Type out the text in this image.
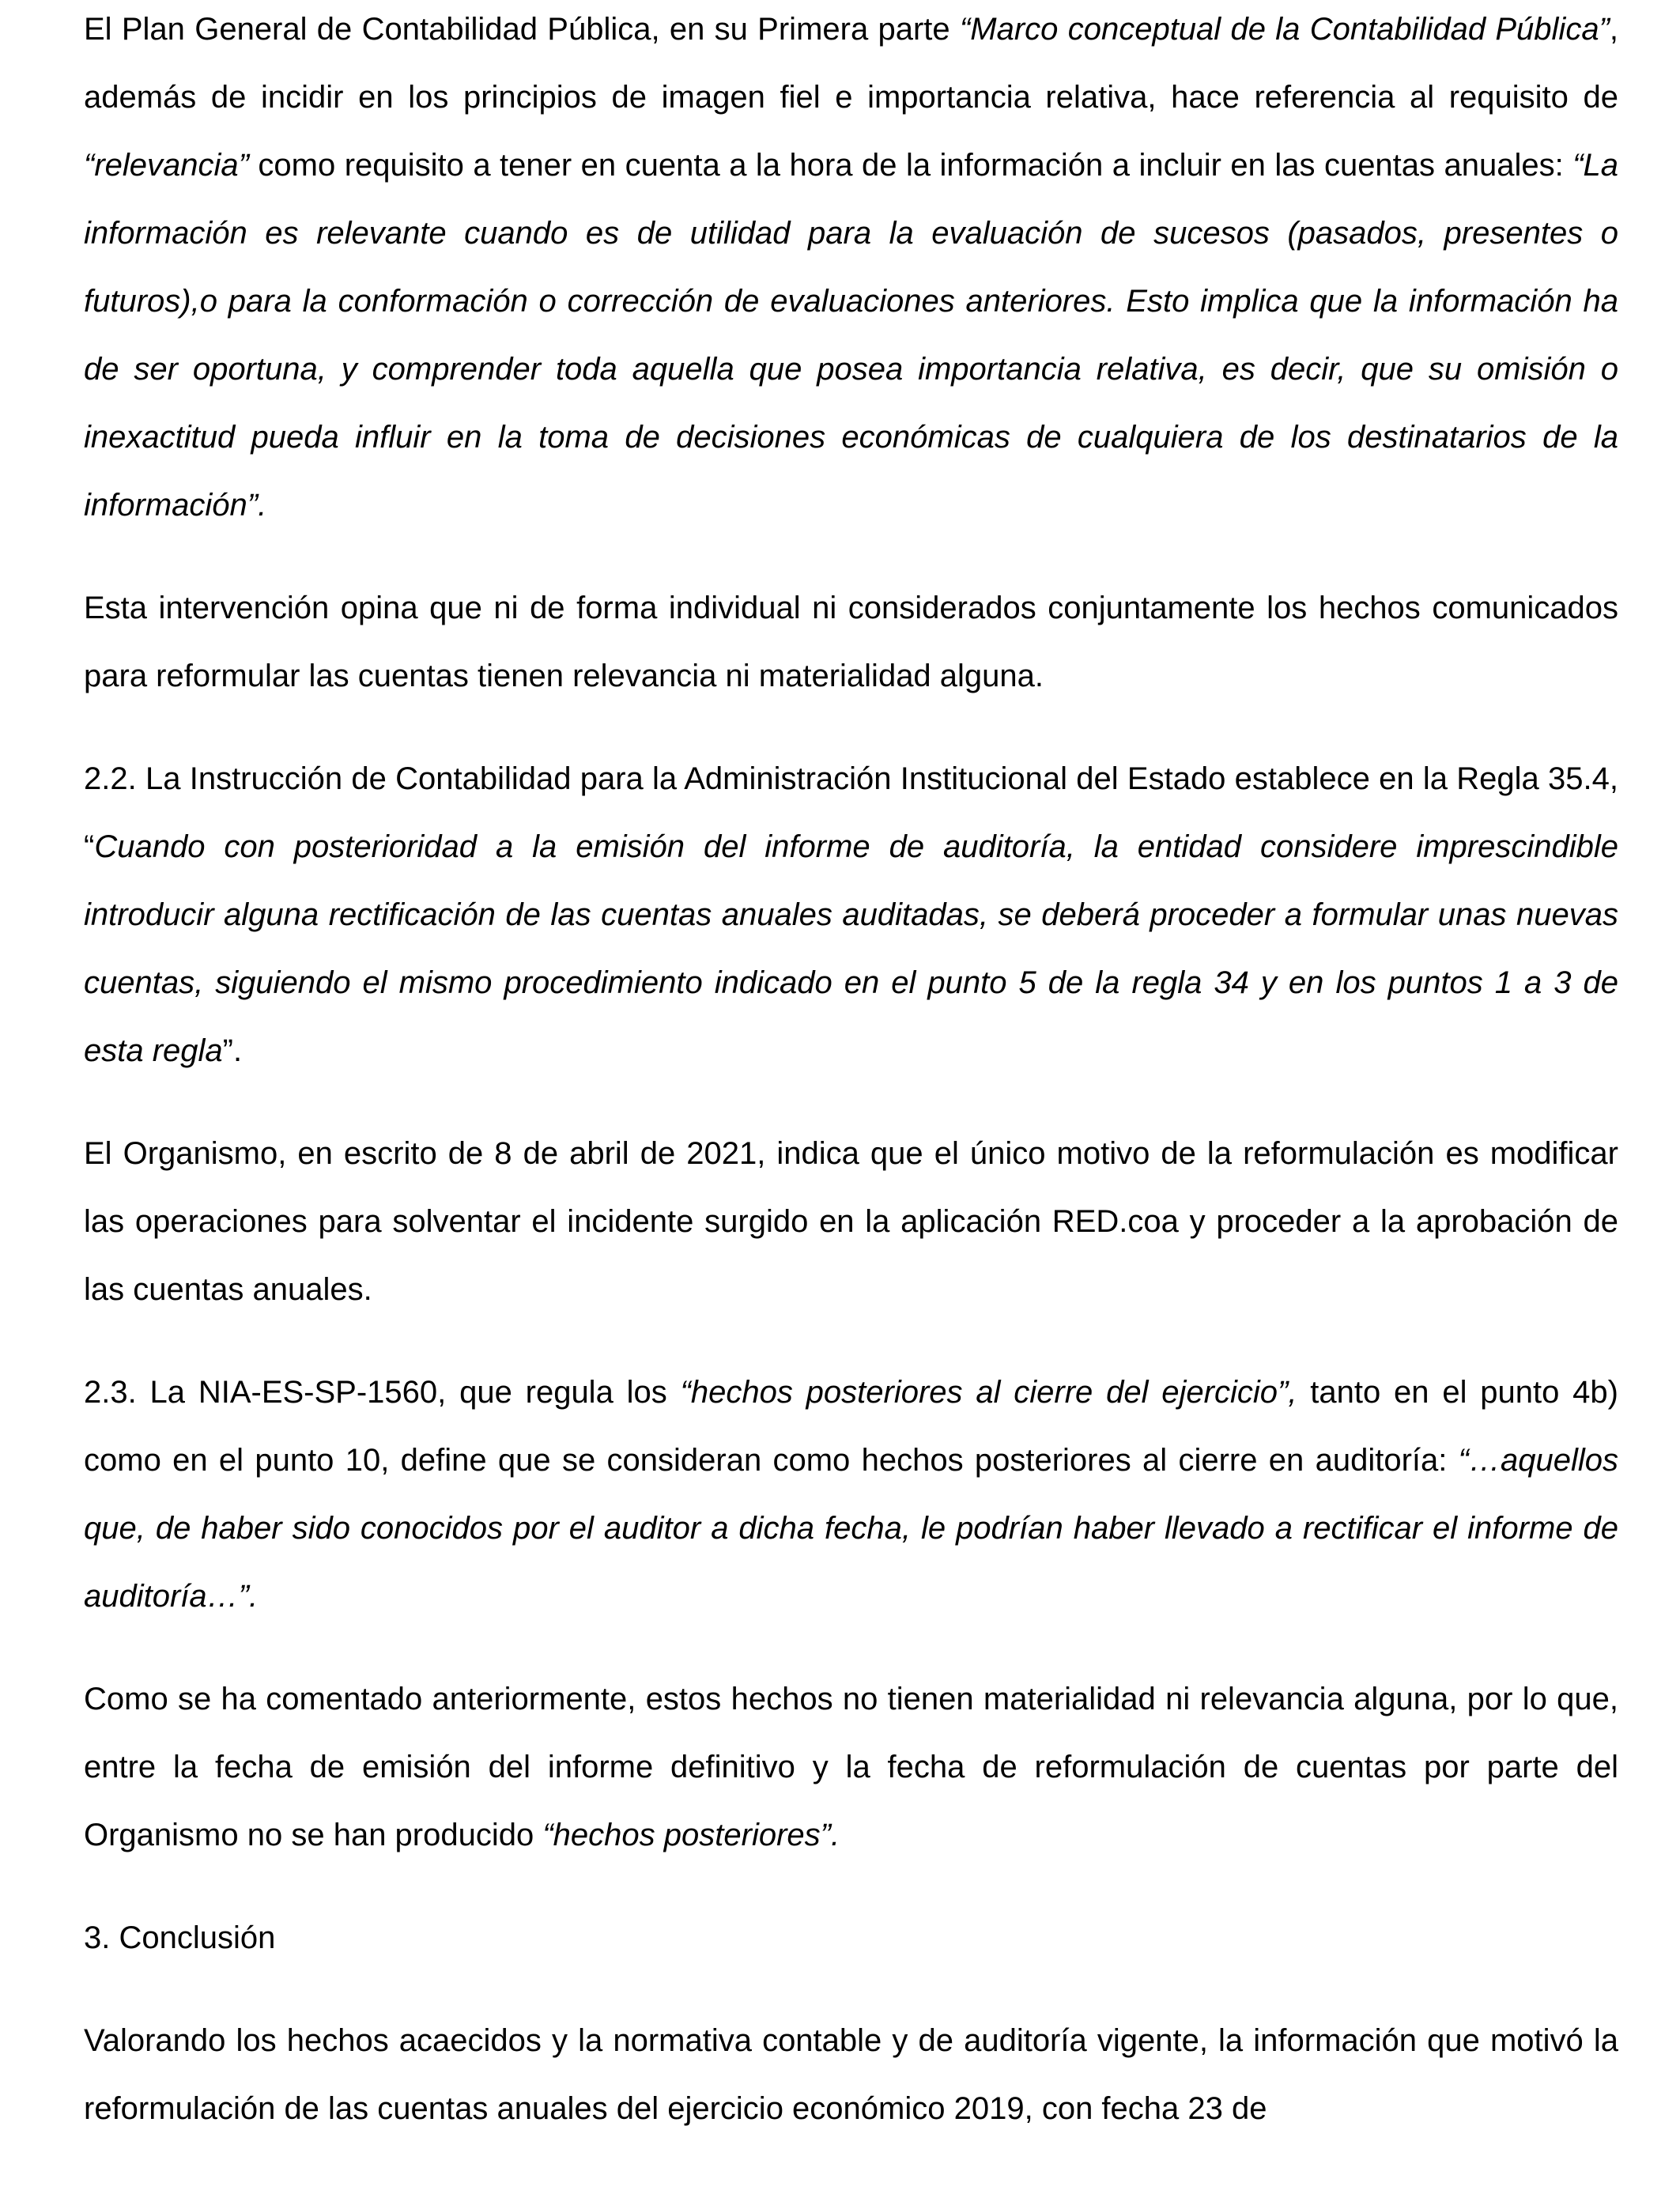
El Plan General de Contabilidad Pública, en su Primera parte “Marco conceptual de la Contabilidad Pública”, además de incidir en los principios de imagen fiel e importancia relativa, hace referencia al requisito de “relevancia” como requisito a tener en cuenta a la hora de la información a incluir en las cuentas anuales: “La información es relevante cuando es de utilidad para la evaluación de sucesos (pasados, presentes o futuros),o para la conformación o corrección de evaluaciones anteriores. Esto implica que la información ha de ser oportuna, y comprender toda aquella que posea importancia relativa, es decir, que su omisión o inexactitud pueda influir en la toma de decisiones económicas de cualquiera de los destinatarios de la información”.

Esta intervención opina que ni de forma individual ni considerados conjuntamente los hechos comunicados para reformular las cuentas tienen relevancia ni materialidad alguna.

2.2. La Instrucción de Contabilidad para la Administración Institucional del Estado establece en la Regla 35.4, “Cuando con posterioridad a la emisión del informe de auditoría, la entidad considere imprescindible introducir alguna rectificación de las cuentas anuales auditadas, se deberá proceder a formular unas nuevas cuentas, siguiendo el mismo procedimiento indicado en el punto 5 de la regla 34 y en los puntos 1 a 3 de esta regla”.

El Organismo, en escrito de 8 de abril de 2021, indica que el único motivo de la reformulación es modificar las operaciones para solventar el incidente surgido en la aplicación RED.coa y proceder a la aprobación de las cuentas anuales.

2.3. La NIA-ES-SP-1560, que regula los “hechos posteriores al cierre del ejercicio”, tanto en el punto 4b) como en el punto 10, define que se consideran como hechos posteriores al cierre en auditoría: “…aquellos que, de haber sido conocidos por el auditor a dicha fecha, le podrían haber llevado a rectificar el informe de auditoría…”.

Como se ha comentado anteriormente, estos hechos no tienen materialidad ni relevancia alguna, por lo que, entre la fecha de emisión del informe definitivo y la fecha de reformulación de cuentas por parte del Organismo no se han producido “hechos posteriores”.

3. Conclusión

Valorando los hechos acaecidos y la normativa contable y de auditoría vigente, la información que motivó la reformulación de las cuentas anuales del ejercicio económico 2019, con fecha 23 de
